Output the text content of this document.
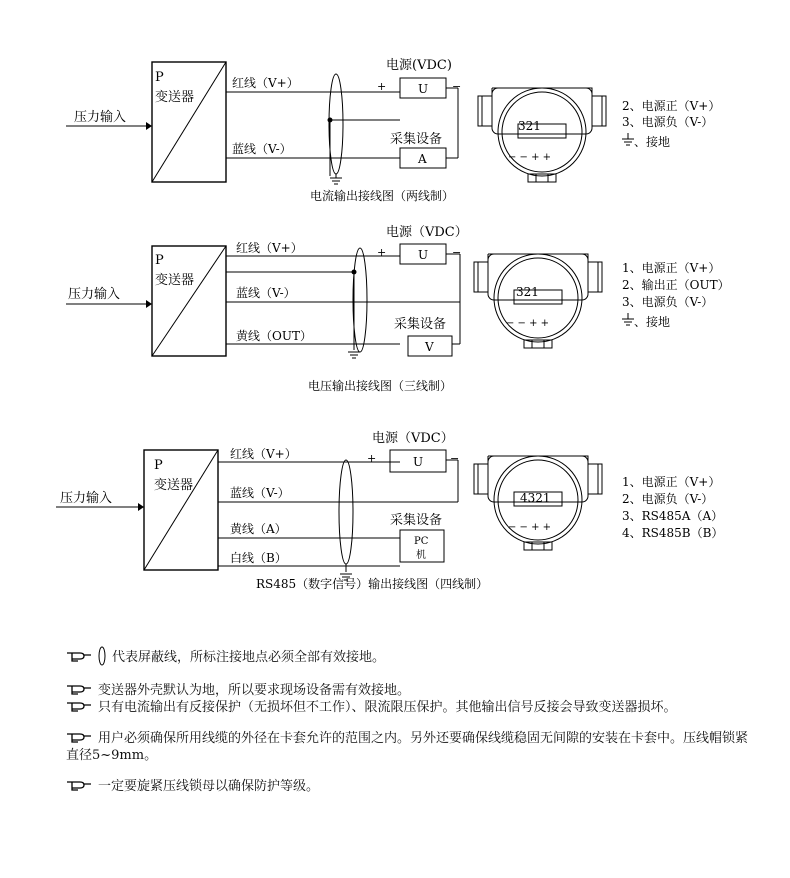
P
变送器
压力输入
红线（V+）
蓝线（V-）
电源(VDC)
U
+	−
采集设备
A
电流输出接线图（两线制）
321
− − + +
2、电源正（V+）
3、电源负（V-）
、接地
P
变送器
压力输入
红线（V+）
蓝线（V-）
黄线（OUT）
电源（VDC）
U
+	−
采集设备
V
电压输出接线图（三线制）
321
− − + +
1、电源正（V+）
2、输出正（OUT）
3、电源负（V-）
、接地
P
变送器
压力输入
红线（V+）
蓝线（V-）
黄线（A）
白线（B）
电源（VDC）
U
+	−
采集设备
PC
机
RS485（数字信号）输出接线图（四线制）
4321
− − + +
1、电源正（V+）
2、电源负（V-）
3、RS485A（A）
4、RS485B（B）

代表屏蔽线，所标注接地点必须全部有效接地。

变送器外壳默认为地，所以要求现场设备需有效接地。

只有电流输出有反接保护（无损坏但不工作）、限流限压保护。其他输出信号反接会导致变送器损坏。

用户必须确保所用线缆的外径在卡套允许的范围之内。另外还要确保线缆稳固无间隙的安装在卡套中。压线帽锁紧直径5~9mm。

一定要旋紧压线锁母以确保防护等级。
